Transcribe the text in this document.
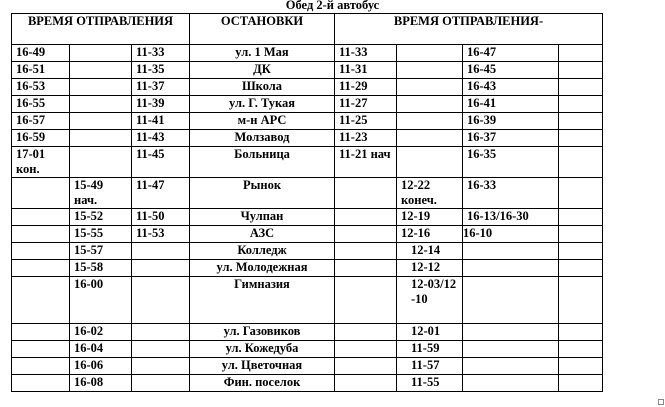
Обед 2-й автобус
ВРЕМЯ ОТПРАВЛЕНИЯ			ОСТАНОВКИ	ВРЕМЯ ОТПРАВЛЕНИЯ-			
16-49		11-33	ул. 1 Мая	11-33		16-47	
16-51		11-35	ДК	11-31		16-45	
16-53		11-37	Школа	11-29		16-43	
16-55		11-39	ул. Г. Тукая	11-27		16-41	
16-57		11-41	м-н АРС	11-25		16-39	
16-59		11-43	Молзавод	11-23		16-37	
17-01 кон.		11-45	Больница	11-21 нач		16-35	
	15-49 нач.	11-47	Рынок		12-22 конеч.	16-33	
	15-52	11-50	Чулпан		12-19	16-13/16-30	
	15-55	11-53	АЗС		12-16	16-10	
	15-57		Колледж		12-14		
	15-58		ул. Молодежная		12-12		
	16-00		Гимназия		12-03/12-10		
	16-02		ул. Газовиков		12-01		
	16-04		ул. Кожедуба		11-59		
	16-06		ул. Цветочная		11-57		
	16-08		Фин. поселок		11-55		
